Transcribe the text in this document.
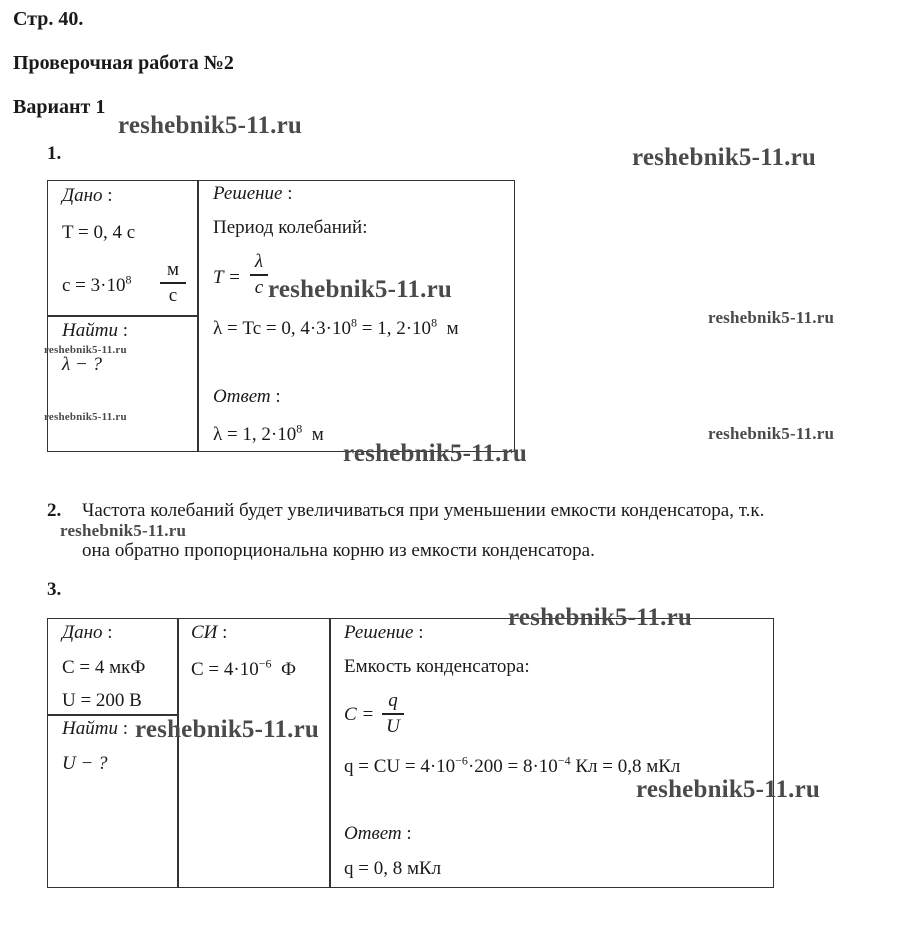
Стр. 40.
Проверочная работа №2
Вариант 1
1.
Дано :
T = 0, 4 с
$c = 3\cdot 10^8$	м
с
Найти :
λ − ?
Решение :
Период колебаний:
T =
λ
c
λ = Tc = 0, $4\cdot 3\cdot 10^8 = 1$, $2\cdot 10^8$ м
Ответ :
λ = 1, $2\cdot 10^8$ м
2. Частота колебаний будет увеличиваться при уменьшении емкости конденсатора, т.к.
она обратно пропорциональна корню из емкости конденсатора.
3.
Дано :
C = 4 мкФ
U = 200 В
Найти :
U − ?
СИ :
$C = 4\cdot 10^{-6}$ Ф
Решение :
Емкость конденсатора:
C =
q
U
q = CU = $4\cdot 10^{-6}\cdot 200 = 8\cdot 10^{-4}$ Кл = 0,8 мКл
Ответ :
q = 0, 8 мКл
reshebnik5-11.ru
reshebnik5-11.ru
reshebnik5-11.ru
reshebnik5-11.ru
reshebnik5-11.ru
reshebnik5-11.ru
reshebnik5-11.ru
reshebnik5-11.ru
reshebnik5-11.ru
reshebnik5-11.ru
reshebnik5-11.ru
reshebnik5-11.ru
